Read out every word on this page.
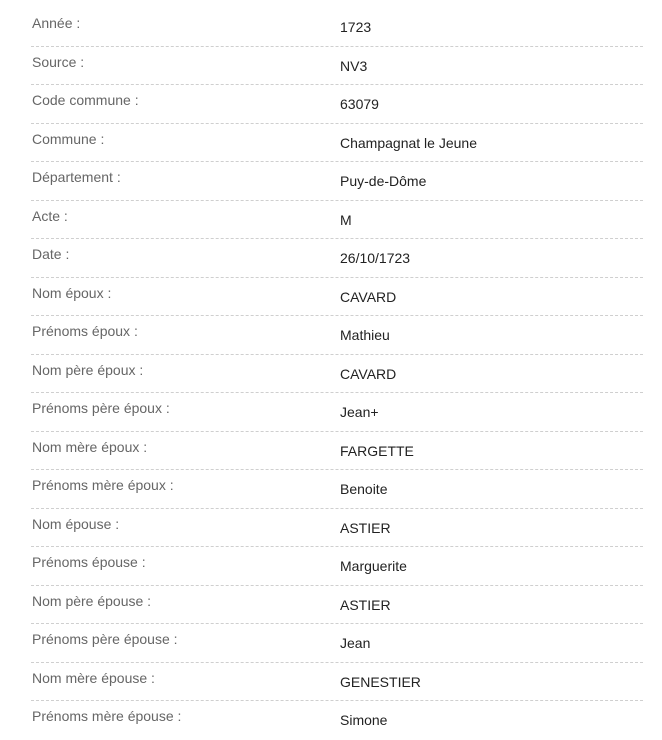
Année :	1723
Source :	NV3
Code commune :	63079
Commune :	Champagnat le Jeune
Département :	Puy-de-Dôme
Acte :	M
Date :	26/10/1723
Nom époux :	CAVARD
Prénoms époux :	Mathieu
Nom père époux :	CAVARD
Prénoms père époux :	Jean+
Nom mère époux :	FARGETTE
Prénoms mère époux :	Benoite
Nom épouse :	ASTIER
Prénoms épouse :	Marguerite
Nom père épouse :	ASTIER
Prénoms père épouse :	Jean
Nom mère épouse :	GENESTIER
Prénoms mère épouse :	Simone
